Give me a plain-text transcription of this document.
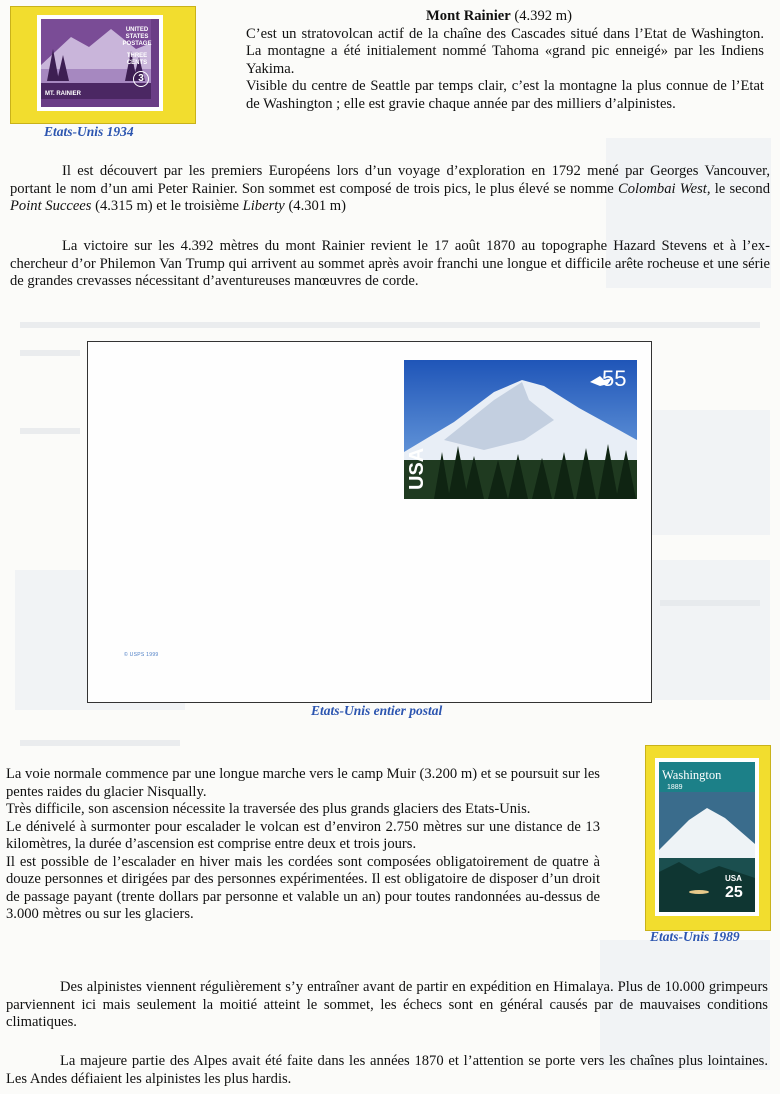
UNITED STATES POSTAGE
THREE CENTS
3
MT. RAINIER
Etats-Unis 1934

Mont Rainier (4.392 m)
C’est un stratovolcan actif de la chaîne des Cascades situé dans l’Etat de Washington. La montagne a été initialement nommé Tahoma «grand pic enneigé» par les Indiens Yakima.
Visible du centre de Seattle par temps clair, c’est la montagne la plus connue de l’Etat de Washington ; elle est gravie chaque année par des milliers d’alpinistes.

Il est découvert par les premiers Européens lors d’un voyage d’exploration en 1792 mené par Georges Vancouver, portant le nom d’un ami Peter Rainier. Son sommet est composé de trois pics, le plus élevé se nomme Colombai West, le second Point Succees (4.315 m) et le troisième Liberty (4.301 m)

La victoire sur les 4.392 mètres du mont Rainier revient le 17 août 1870 au topographe Hazard Stevens et à l’ex-chercheur d’or Philemon Van Trump qui arrivent au sommet après avoir franchi une longue et difficile arête rocheuse et une série de grandes crevasses nécessitant d’aventureuses manœuvres de corde.

55
USA
© USPS 1999
Etats-Unis entier postal
La voie normale commence par une longue marche vers le camp Muir (3.200 m) et se poursuit sur les pentes raides du glacier Nisqually.
Très difficile, son ascension nécessite la traversée des plus grands glaciers des Etats-Unis.
Le dénivelé à surmonter pour escalader le volcan est d’environ 2.750 mètres sur une distance de 13 kilomètres, la durée d’ascension est comprise entre deux et trois jours.
Il est possible de l’escalader en hiver mais les cordées sont composées obligatoirement de quatre à douze personnes et dirigées par des personnes expérimentées. Il est obligatoire de disposer d’un droit de passage payant (trente dollars par personne et valable un an) pour toutes randonnées au-dessus de 3.000 mètres ou sur les glaciers.
Washington
1889
USA
25
Etats-Unis 1989

Des alpinistes viennent régulièrement s’y entraîner avant de partir en expédition en Himalaya. Plus de 10.000 grimpeurs parviennent ici mais seulement la moitié atteint le sommet, les échecs sont en général causés par de mauvaises conditions climatiques.

La majeure partie des Alpes avait été faite dans les années 1870 et l’attention se porte vers les chaînes plus lointaines. Les Andes défiaient les alpinistes les plus hardis.
